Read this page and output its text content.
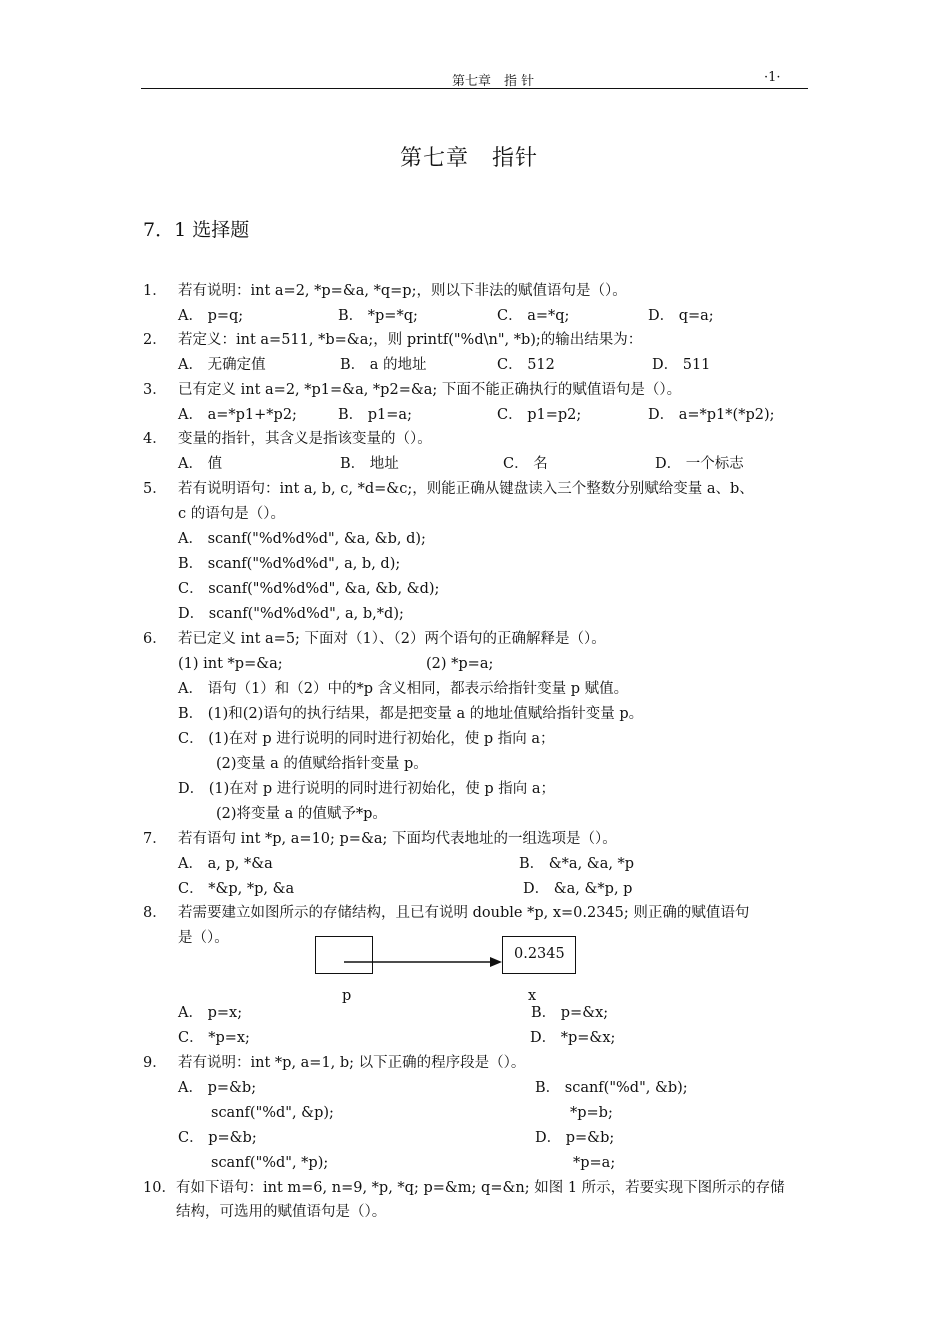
第七章　指 针	·1·
第七章　指针
7．1 选择题
1． 若有说明：int a=2, *p=&a, *q=p;，则以下非法的赋值语句是（）。
A． p=q;	B． *p=*q;	C． a=*q;	D． q=a;
2． 若定义：int a=511, *b=&a;，则 printf("%d\n", *b);的输出结果为：
A． 无确定值	B． a 的地址	C． 512	D． 511
3． 已有定义 int a=2, *p1=&a, *p2=&a; 下面不能正确执行的赋值语句是（）。
A． a=*p1+*p2;	B． p1=a;	C． p1=p2;	D． a=*p1*(*p2);
4． 变量的指针，其含义是指该变量的（）。
A． 值	B． 地址	C． 名	D． 一个标志
5． 若有说明语句：int a, b, c, *d=&c;，则能正确从键盘读入三个整数分别赋给变量 a、b、
c 的语句是（）。
A． scanf("%d%d%d", &a, &b, d);
B． scanf("%d%d%d", a, b, d);
C． scanf("%d%d%d", &a, &b, &d);
D． scanf("%d%d%d", a, b,*d);
6． 若已定义 int a=5; 下面对（1）、（2）两个语句的正确解释是（）。
(1) int *p=&a;	(2) *p=a;
A． 语句（1）和（2）中的*p 含义相同，都表示给指针变量 p 赋值。
B． (1)和(2)语句的执行结果，都是把变量 a 的地址值赋给指针变量 p。
C． (1)在对 p 进行说明的同时进行初始化，使 p 指向 a；
(2)变量 a 的值赋给指针变量 p。
D． (1)在对 p 进行说明的同时进行初始化，使 p 指向 a；
(2)将变量 a 的值赋予*p。
7． 若有语句 int *p, a=10; p=&a; 下面均代表地址的一组选项是（）。
A． a, p, *&a	B． &*a, &a, *p
C． *&p, *p, &a	D． &a, &*p, p
8． 若需要建立如图所示的存储结构，且已有说明 double *p, x=0.2345; 则正确的赋值语句
是（）。
0.2345
p	x
A． p=x;	B． p=&x;
C． *p=x;	D． *p=&x;
9． 若有说明：int *p, a=1, b; 以下正确的程序段是（）。
A． p=&b;	B． scanf("%d", &b);
scanf("%d", &p);	*p=b;
C． p=&b;	D． p=&b;
scanf("%d", *p);	*p=a;
10． 有如下语句：int m=6, n=9, *p, *q; p=&m; q=&n; 如图 1 所示，若要实现下图所示的存储
结构，可选用的赋值语句是（）。
